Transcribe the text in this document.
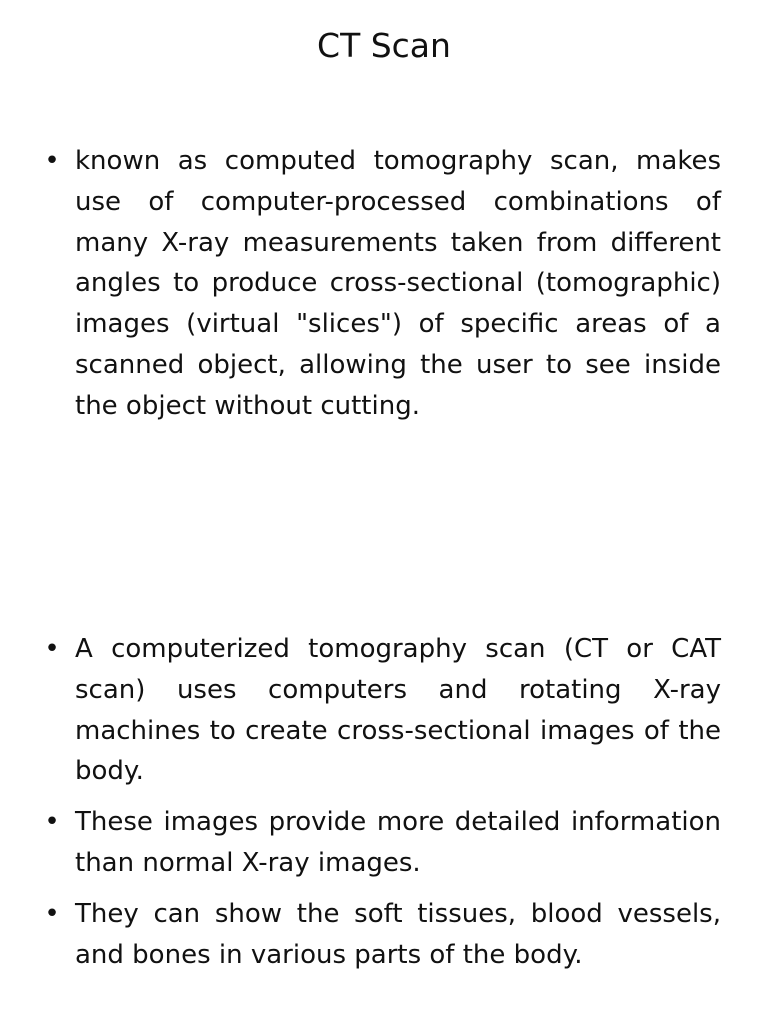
CT Scan
• known as computed tomography scan, makes use of computer-processed combinations of many X-ray measurements taken from different angles to produce cross-sectional (tomographic) images (virtual "slices") of specific areas of a scanned object, allowing the user to see inside the object without cutting.
• A computerized tomography scan (CT or CAT scan) uses computers and rotating X-ray machines to create cross-sectional images of the body.
• These images provide more detailed information than normal X-ray images.
• They can show the soft tissues, blood vessels, and bones in various parts of the body.
